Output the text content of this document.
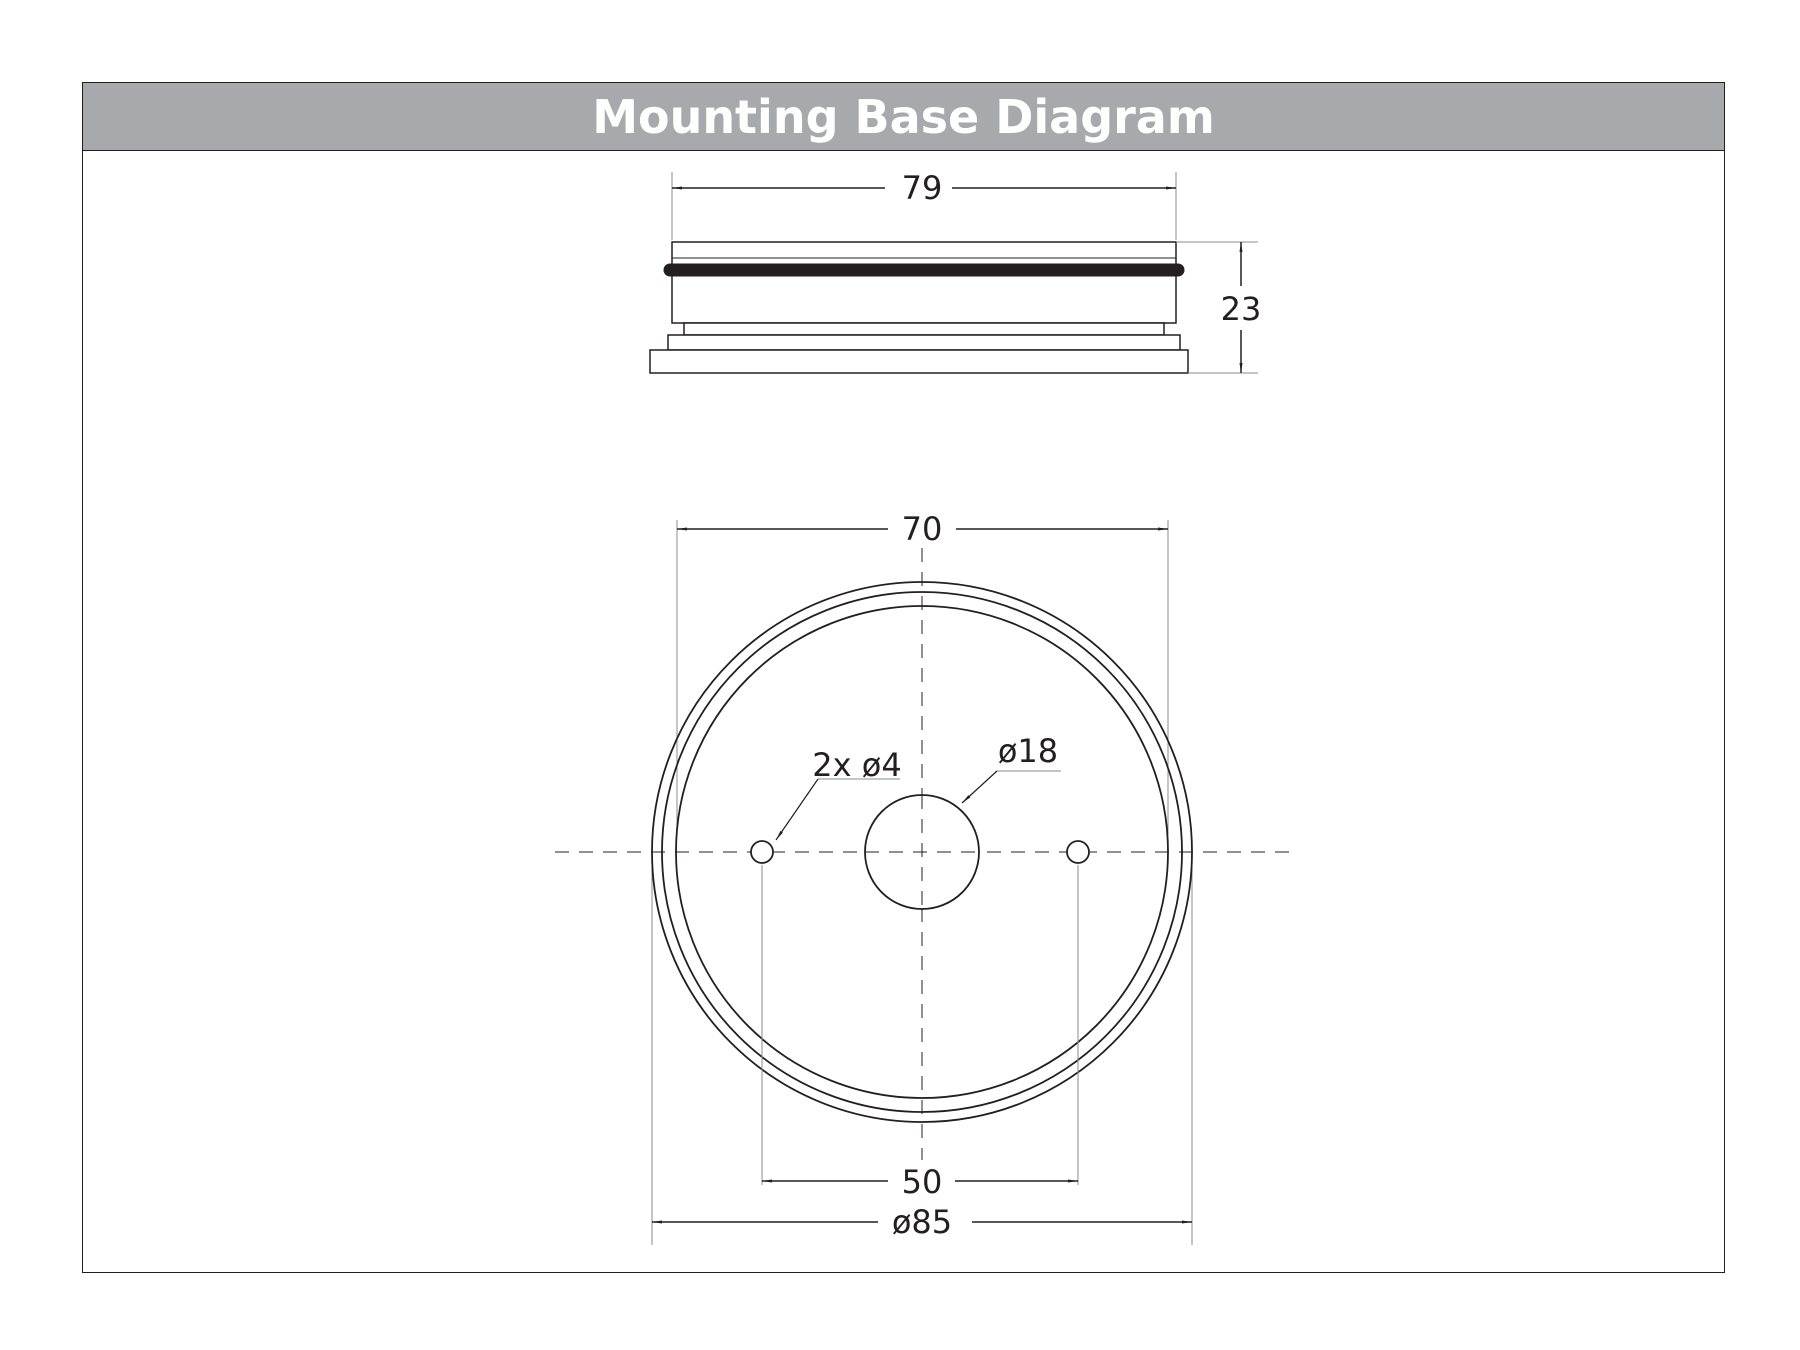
Mounting Base Diagram
79
23
70
50
ø85
ø18
2x ø4
